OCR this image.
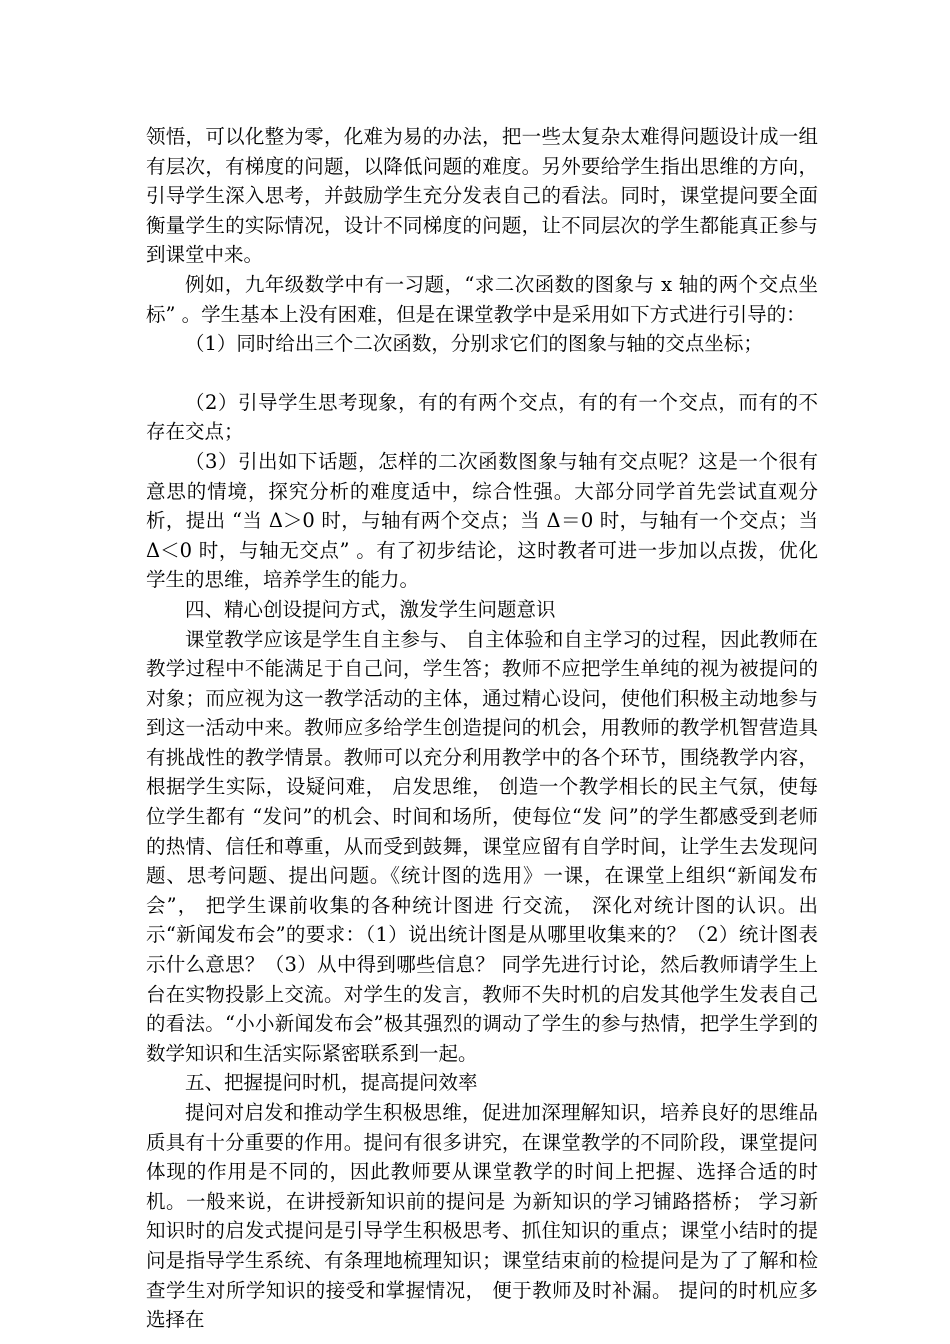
领悟，可以化整为零，化难为易的办法，把一些太复杂太难得问题设计成一组有层次，有梯度的问题，以降低问题的难度。另外要给学生指出思维的方向，引导学生深入思考，并鼓励学生充分发表自己的看法。同时，课堂提问要全面衡量学生的实际情况，设计不同梯度的问题，让不同层次的学生都能真正参与到课堂中来。

例如，九年级数学中有一习题，“求二次函数的图象与 x 轴的两个交点坐标” 。学生基本上没有困难，但是在课堂教学中是采用如下方式进行引导的：

（1）同时给出三个二次函数，分别求它们的图象与轴的交点坐标；

（2）引导学生思考现象，有的有两个交点，有的有一个交点，而有的不存在交点；

（3）引出如下话题，怎样的二次函数图象与轴有交点呢？这是一个很有意思的情境，探究分析的难度适中，综合性强。大部分同学首先尝试直观分析，提出 “当 Δ＞0 时，与轴有两个交点；当 Δ＝0 时，与轴有一个交点；当 Δ＜0 时，与轴无交点” 。有了初步结论，这时教者可进一步加以点拨，优化学生的思维，培养学生的能力。

四、精心创设提问方式，激发学生问题意识

课堂教学应该是学生自主参与、 自主体验和自主学习的过程，因此教师在教学过程中不能满足于自己问，学生答；教师不应把学生单纯的视为被提问的对象；而应视为这一教学活动的主体，通过精心设问，使他们积极主动地参与到这一活动中来。教师应多给学生创造提问的机会，用教师的教学机智营造具有挑战性的教学情景。教师可以充分利用教学中的各个环节，围绕教学内容，根据学生实际，设疑问难， 启发思维， 创造一个教学相长的民主气氛，使每位学生都有 “发问”的机会、时间和场所，使每位“发 问”的学生都感受到老师的热情、信任和尊重，从而受到鼓舞，课堂应留有自学时间，让学生去发现问题、思考问题、提出问题。《统计图的选用》一课，在课堂上组织“新闻发布会”， 把学生课前收集的各种统计图进 行交流， 深化对统计图的认识。出示“新闻发布会”的要求：（1）说出统计图是从哪里收集来的？（2）统计图表示什么意思？（3）从中得到哪些信息？ 同学先进行讨论，然后教师请学生上台在实物投影上交流。对学生的发言，教师不失时机的启发其他学生发表自己的看法。“小小新闻发布会”极其强烈的调动了学生的参与热情，把学生学到的数学知识和生活实际紧密联系到一起。

五、把握提问时机，提高提问效率

提问对启发和推动学生积极思维，促进加深理解知识，培养良好的思维品质具有十分重要的作用。提问有很多讲究，在课堂教学的不同阶段，课堂提问体现的作用是不同的，因此教师要从课堂教学的时间上把握、选择合适的时机。一般来说，在讲授新知识前的提问是 为新知识的学习铺路搭桥； 学习新知识时的启发式提问是引导学生积极思考、抓住知识的重点；课堂小结时的提问是指导学生系统、有条理地梳理知识；课堂结束前的检提问是为了了解和检查学生对所学知识的接受和掌握情况， 便于教师及时补漏。 提问的时机应多选择在
